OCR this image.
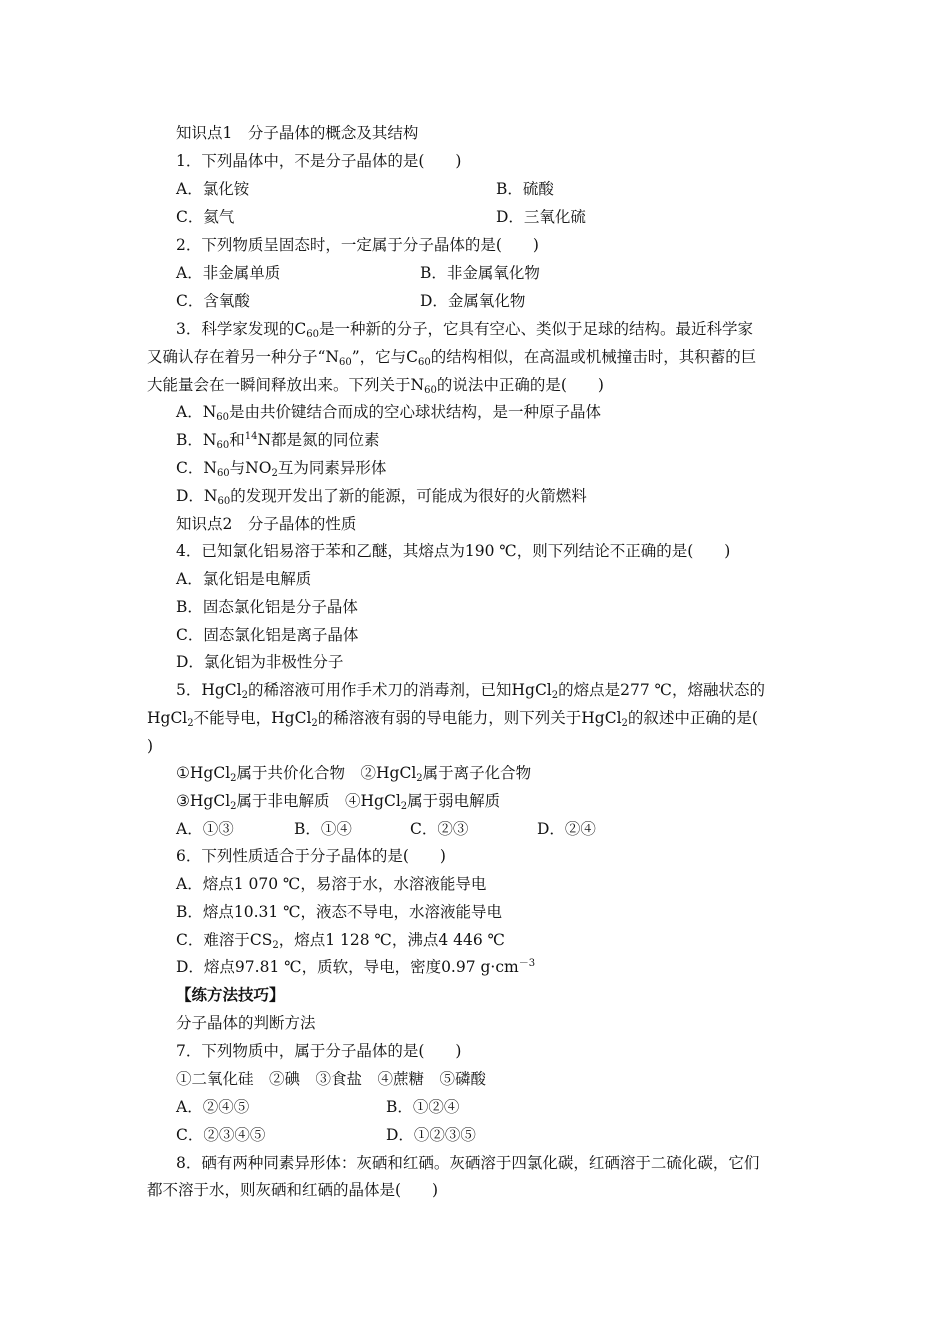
知识点1　分子晶体的概念及其结构
1．下列晶体中，不是分子晶体的是(　　)
A．氯化铵	B．硫酸
C．氦气	D．三氧化硫
2．下列物质呈固态时，一定属于分子晶体的是(　　)
A．非金属单质	B．非金属氧化物
C．含氧酸	D．金属氧化物
3．科学家发现的$C_{60}$是一种新的分子，它具有空心、类似于足球的结构。最近科学家
又确认存在着另一种分子“$N_{60}$”，它与$C_{60}$的结构相似，在高温或机械撞击时，其积蓄的巨
大能量会在一瞬间释放出来。下列关于$N_{60}$的说法中正确的是(　　)
A．$N_{60}$是由共价键结合而成的空心球状结构，是一种原子晶体
B．$N_{60}$和$^{14}$N都是氮的同位素
C．$N_{60}$与$NO_2$互为同素异形体
D．$N_{60}$的发现开发出了新的能源，可能成为很好的火箭燃料
知识点2　分子晶体的性质
4．已知氯化铝易溶于苯和乙醚，其熔点为190 ℃，则下列结论不正确的是(　　)
A．氯化铝是电解质
B．固态氯化铝是分子晶体
C．固态氯化铝是离子晶体
D．氯化铝为非极性分子
5．HgCl$_2$的稀溶液可用作手术刀的消毒剂，已知HgCl$_2$的熔点是277 ℃，熔融状态的
HgCl$_2$不能导电，HgCl$_2$的稀溶液有弱的导电能力，则下列关于HgCl$_2$的叙述中正确的是(
)
①HgCl$_2$属于共价化合物　②HgCl$_2$属于离子化合物
③HgCl$_2$属于非电解质　④HgCl$_2$属于弱电解质
A．①③	B．①④	C．②③	D．②④
6．下列性质适合于分子晶体的是(　　)
A．熔点1 070 ℃，易溶于水，水溶液能导电
B．熔点10.31 ℃，液态不导电，水溶液能导电
C．难溶于$CS_2$，熔点1 128 ℃，沸点4 446 ℃
D．熔点97.81 ℃，质软，导电，密度0.97 $g\cdot cm^{-3}$
【练方法技巧】
分子晶体的判断方法
7．下列物质中，属于分子晶体的是(　　)
①二氧化硅　②碘　③食盐　④蔗糖　⑤磷酸
A．②④⑤	B．①②④
C．②③④⑤	D．①②③⑤
8．硒有两种同素异形体：灰硒和红硒。灰硒溶于四氯化碳，红硒溶于二硫化碳，它们
都不溶于水，则灰硒和红硒的晶体是(　　)
